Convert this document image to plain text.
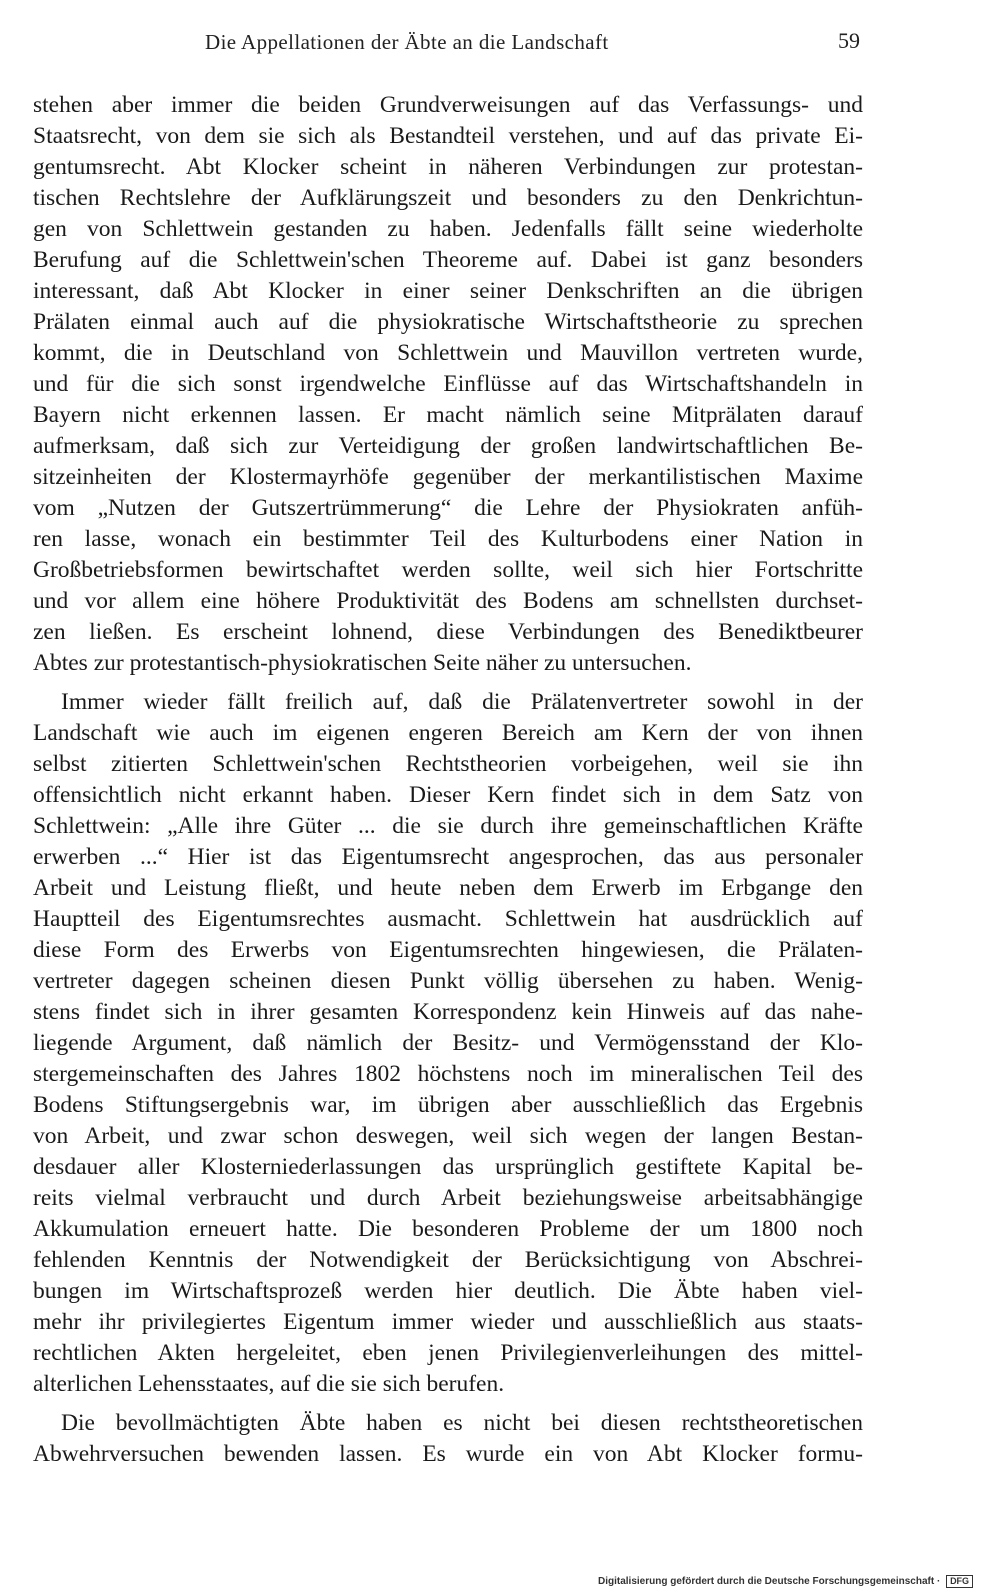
Die Appellationen der Äbte an die Landschaft	59
stehen aber immer die beiden Grundverweisungen auf das Verfassungs- und
Staatsrecht, von dem sie sich als Bestandteil verstehen, und auf das private Ei-
gentumsrecht. Abt Klocker scheint in näheren Verbindungen zur protestan-
tischen Rechtslehre der Aufklärungszeit und besonders zu den Denkrichtun-
gen von Schlettwein gestanden zu haben. Jedenfalls fällt seine wiederholte
Berufung auf die Schlettwein'schen Theoreme auf. Dabei ist ganz besonders
interessant, daß Abt Klocker in einer seiner Denkschriften an die übrigen
Prälaten einmal auch auf die physiokratische Wirtschaftstheorie zu sprechen
kommt, die in Deutschland von Schlettwein und Mauvillon vertreten wurde,
und für die sich sonst irgendwelche Einflüsse auf das Wirtschaftshandeln in
Bayern nicht erkennen lassen. Er macht nämlich seine Mitprälaten darauf
aufmerksam, daß sich zur Verteidigung der großen landwirtschaftlichen Be-
sitzeinheiten der Klostermayrhöfe gegenüber der merkantilistischen Maxime
vom „Nutzen der Gutszertrümmerung“ die Lehre der Physiokraten anfüh-
ren lasse, wonach ein bestimmter Teil des Kulturbodens einer Nation in
Großbetriebsformen bewirtschaftet werden sollte, weil sich hier Fortschritte
und vor allem eine höhere Produktivität des Bodens am schnellsten durchset-
zen ließen. Es erscheint lohnend, diese Verbindungen des Benediktbeurer
Abtes zur protestantisch-physiokratischen Seite näher zu untersuchen.
Immer wieder fällt freilich auf, daß die Prälatenvertreter sowohl in der
Landschaft wie auch im eigenen engeren Bereich am Kern der von ihnen
selbst zitierten Schlettwein'schen Rechtstheorien vorbeigehen, weil sie ihn
offensichtlich nicht erkannt haben. Dieser Kern findet sich in dem Satz von
Schlettwein: „Alle ihre Güter ... die sie durch ihre gemeinschaftlichen Kräfte
erwerben ...“ Hier ist das Eigentumsrecht angesprochen, das aus personaler
Arbeit und Leistung fließt, und heute neben dem Erwerb im Erbgange den
Hauptteil des Eigentumsrechtes ausmacht. Schlettwein hat ausdrücklich auf
diese Form des Erwerbs von Eigentumsrechten hingewiesen, die Prälaten-
vertreter dagegen scheinen diesen Punkt völlig übersehen zu haben. Wenig-
stens findet sich in ihrer gesamten Korrespondenz kein Hinweis auf das nahe-
liegende Argument, daß nämlich der Besitz- und Vermögensstand der Klo-
stergemeinschaften des Jahres 1802 höchstens noch im mineralischen Teil des
Bodens Stiftungsergebnis war, im übrigen aber ausschließlich das Ergebnis
von Arbeit, und zwar schon deswegen, weil sich wegen der langen Bestan-
desdauer aller Klosterniederlassungen das ursprünglich gestiftete Kapital be-
reits vielmal verbraucht und durch Arbeit beziehungsweise arbeitsabhängige
Akkumulation erneuert hatte. Die besonderen Probleme der um 1800 noch
fehlenden Kenntnis der Notwendigkeit der Berücksichtigung von Abschrei-
bungen im Wirtschaftsprozeß werden hier deutlich. Die Äbte haben viel-
mehr ihr privilegiertes Eigentum immer wieder und ausschließlich aus staats-
rechtlichen Akten hergeleitet, eben jenen Privilegienverleihungen des mittel-
alterlichen Lehensstaates, auf die sie sich berufen.
Die bevollmächtigten Äbte haben es nicht bei diesen rechtstheoretischen
Abwehrversuchen bewenden lassen. Es wurde ein von Abt Klocker formu-
Digitalisierung gefördert durch die Deutsche Forschungsgemeinschaft · DFG
